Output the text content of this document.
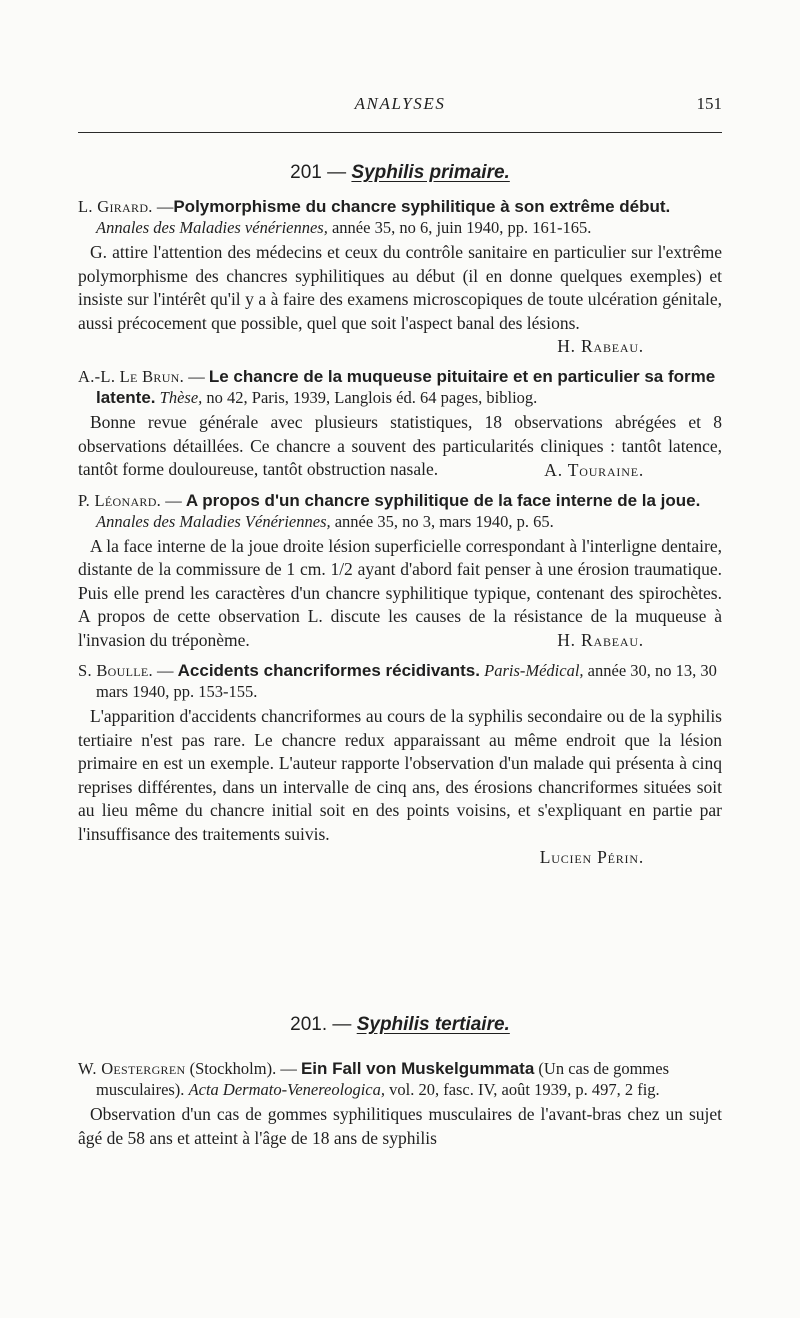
ANALYSES	151
201 — Syphilis primaire.

L. Girard. —Polymorphisme du chancre syphilitique à son extrême début. Annales des Maladies vénériennes, année 35, no 6, juin 1940, pp. 161-165.

G. attire l'attention des médecins et ceux du contrôle sanitaire en particulier sur l'extrême polymorphisme des chancres syphilitiques au début (il en donne quelques exemples) et insiste sur l'intérêt qu'il y a à faire des examens microscopiques de toute ulcération génitale, aussi précocement que possible, quel que soit l'aspect banal des lésions.

H. Rabeau.

A.-L. Le Brun. — Le chancre de la muqueuse pituitaire et en particulier sa forme latente. Thèse, no 42, Paris, 1939, Langlois éd. 64 pages, bibliog.

Bonne revue générale avec plusieurs statistiques, 18 observations abrégées et 8 observations détaillées. Ce chancre a souvent des particularités cliniques : tantôt latence, tantôt forme douloureuse, tantôt obstruction nasale.	A. Touraine.

P. Léonard. — A propos d'un chancre syphilitique de la face interne de la joue. Annales des Maladies Vénériennes, année 35, no 3, mars 1940, p. 65.

A la face interne de la joue droite lésion superficielle correspondant à l'interligne dentaire, distante de la commissure de 1 cm. 1/2 ayant d'abord fait penser à une érosion traumatique. Puis elle prend les caractères d'un chancre syphilitique typique, contenant des spirochètes. A propos de cette observation L. discute les causes de la résistance de la muqueuse à l'invasion du tréponème.	H. Rabeau.

S. Boulle. — Accidents chancriformes récidivants. Paris-Médical, année 30, no 13, 30 mars 1940, pp. 153-155.

L'apparition d'accidents chancriformes au cours de la syphilis secondaire ou de la syphilis tertiaire n'est pas rare. Le chancre redux apparaissant au même endroit que la lésion primaire en est un exemple. L'auteur rapporte l'observation d'un malade qui présenta à cinq reprises différentes, dans un intervalle de cinq ans, des érosions chancriformes situées soit au lieu même du chancre initial soit en des points voisins, et s'expliquant en partie par l'insuffisance des traitements suivis.

Lucien Périn.

201. — Syphilis tertiaire.

W. Oestergren (Stockholm). — Ein Fall von Muskelgummata (Un cas de gommes musculaires). Acta Dermato-Venereologica, vol. 20, fasc. IV, août 1939, p. 497, 2 fig.

Observation d'un cas de gommes syphilitiques musculaires de l'avant-bras chez un sujet âgé de 58 ans et atteint à l'âge de 18 ans de syphilis
